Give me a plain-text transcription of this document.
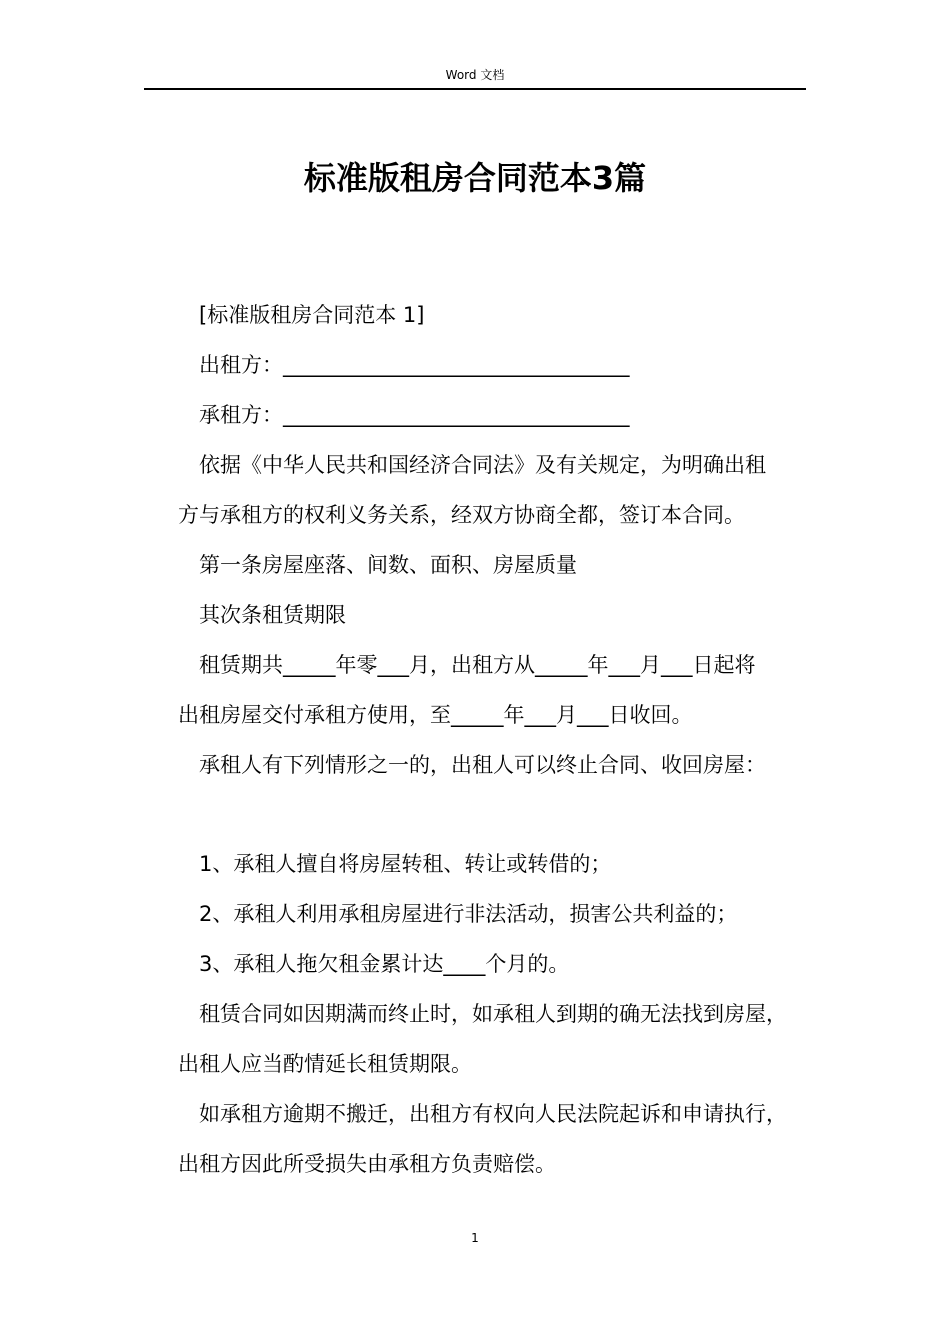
Word 文档
标准版租房合同范本3篇
[标准版租房合同范本 1]
出租方：_________________________________
承租方：_________________________________
依据《中华人民共和国经济合同法》及有关规定，为明确出租
方与承租方的权利义务关系，经双方协商全都，签订本合同。
第一条房屋座落、间数、面积、房屋质量
其次条租赁期限
租赁期共_____年零___月，出租方从_____年___月___日起将
出租房屋交付承租方使用，至_____年___月___日收回。
承租人有下列情形之一的，出租人可以终止合同、收回房屋：
1、承租人擅自将房屋转租、转让或转借的；
2、承租人利用承租房屋进行非法活动，损害公共利益的；
3、承租人拖欠租金累计达____个月的。
租赁合同如因期满而终止时，如承租人到期的确无法找到房屋，
出租人应当酌情延长租赁期限。
如承租方逾期不搬迁，出租方有权向人民法院起诉和申请执行，
出租方因此所受损失由承租方负责赔偿。
1
